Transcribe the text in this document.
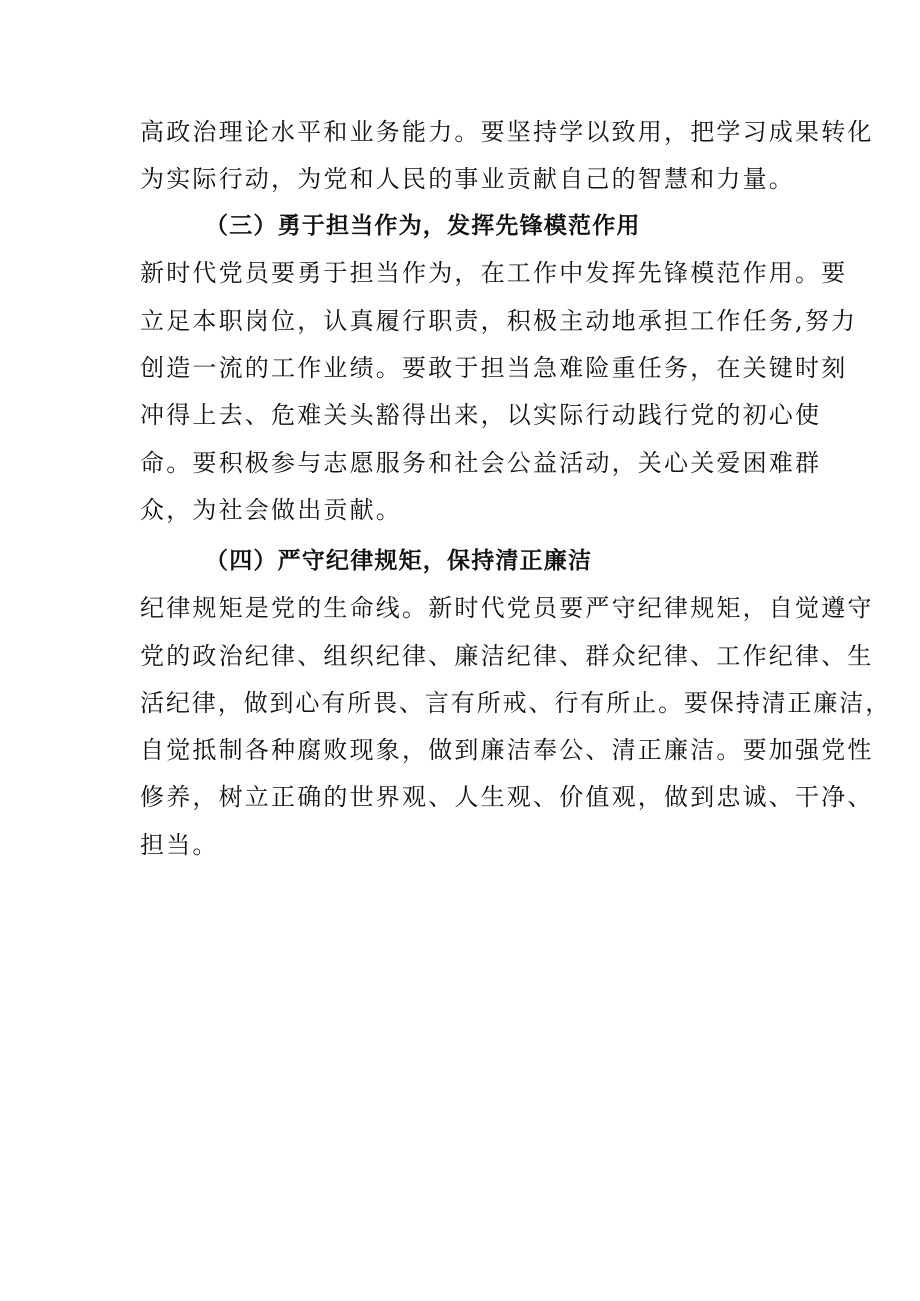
高政治理论水平和业务能力。要坚持学以致用，把学习成果转化
为实际行动，为党和人民的事业贡献自己的智慧和力量。
（三）勇于担当作为，发挥先锋模范作用
新时代党员要勇于担当作为，在工作中发挥先锋模范作用。要
立足本职岗位，认真履行职责，积极主动地承担工作任务,努力
创造一流的工作业绩。要敢于担当急难险重任务，在关键时刻
冲得上去、危难关头豁得出来，以实际行动践行党的初心使
命。要积极参与志愿服务和社会公益活动，关心关爱困难群
众，为社会做出贡献。
（四）严守纪律规矩，保持清正廉洁
纪律规矩是党的生命线。新时代党员要严守纪律规矩，自觉遵守
党的政治纪律、组织纪律、廉洁纪律、群众纪律、工作纪律、生
活纪律，做到心有所畏、言有所戒、行有所止。要保持清正廉洁，
自觉抵制各种腐败现象，做到廉洁奉公、清正廉洁。要加强党性
修养，树立正确的世界观、人生观、价值观，做到忠诚、干净、
担当。
